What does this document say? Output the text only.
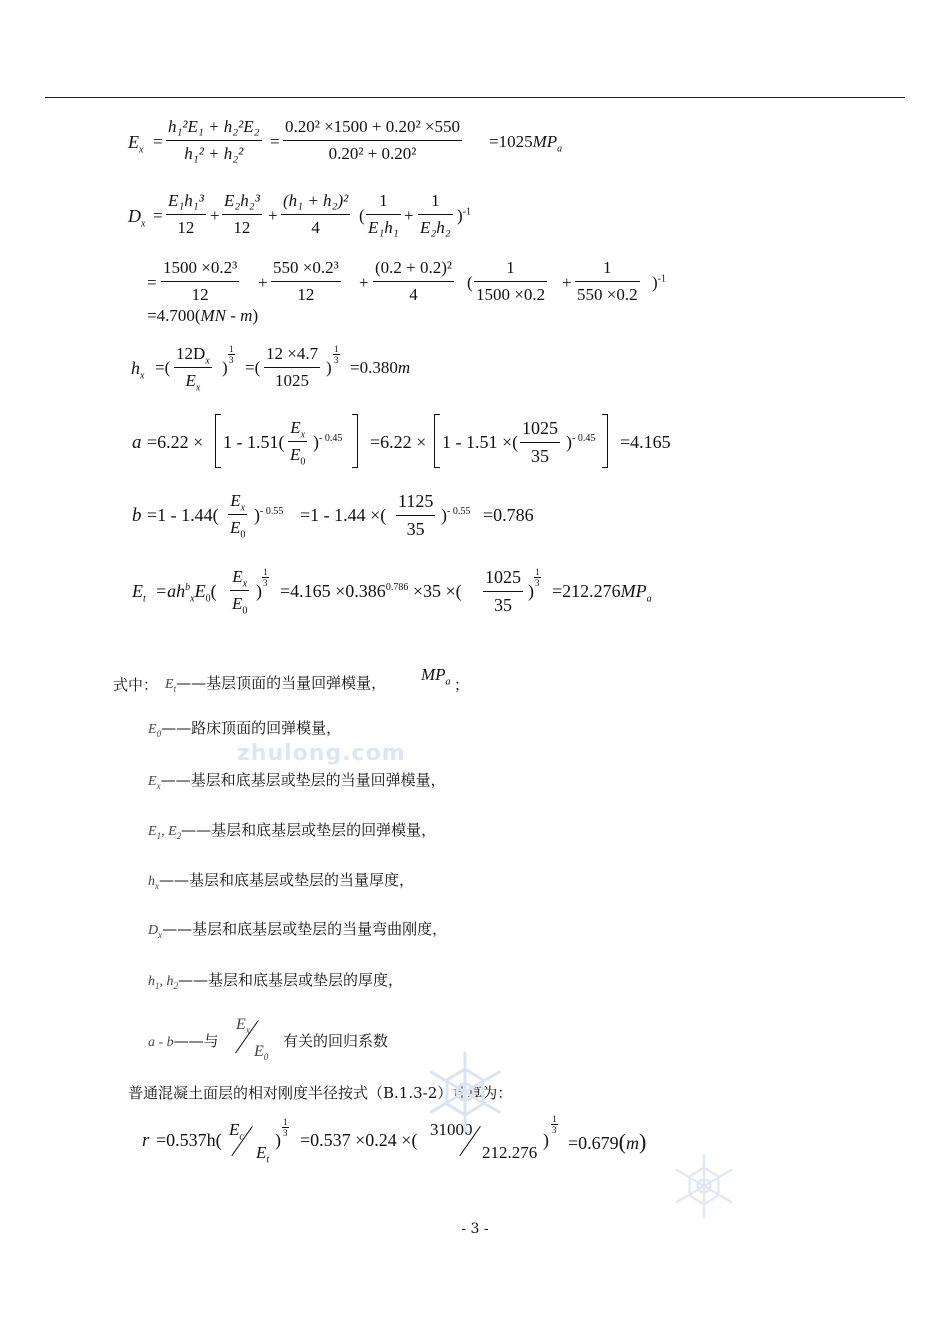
$E_x = \frac{\text{h₁²E₁ + h₂²E₂}}{\text{h₁² + h₂²}} = \frac{\text{0.20² ×1500 + 0.20² ×550}}{\text{0.20² + 0.20²}} =1025MP_a$
$D_x = \frac{\text{E₁h₁³}}{12} + \frac{\text{E₂h₂³}}{12} + \frac{\text{(h₁ + h₂)²}}{4}$ ( $\frac{1}{\text{E₁h₁}} + \frac{1}{\text{E₂h₂}} )^{-1}$
= $\frac{\text{1500 ×0.2³}}{12} + \frac{\text{550 ×0.2³}}{12} + \frac{\text{(0.2 + 0.2)²}}{4}$ ( $\frac{1}{1500 \times 0.2} + \frac{1}{550 \times 0.2} )^{-1}$
=4.700(MN - m)
$h_x$ =( $\frac{12D_x}{E_x}$ )
$\frac{1}{3}$
=( $\frac{12 \times 4.7}{1025}$ )
$\frac{1}{3}$
=0.380m
$a =6.22 \times 1 - 1.51( \frac{E_x}{E_0} )^{- 0.45} =6.22 \times 1 - 1.51$ ×( $\frac{1025}{35} )^{- 0.45} =4.165$
$b =1 - 1.44( \frac{E_x}{E_0} )^{- 0.55} =1 - 1.44$ ×( $\frac{1125}{35} )^{- 0.55} =0.786$
$E_t =ah^b_xE_0( \frac{E_x}{E_0}$ )
$\frac{1}{3}$
$=4.165 \times 0.386^{0.786} \times 35$ ×( $\frac{1025}{35}$ )
$\frac{1}{3}$
$=212.276MP_a$
式中： $E_t——$基层顶面的当量回弹模量， $MP_a$ ；
$E_0——$路床顶面的回弹模量，
$E_x——$基层和底基层或垫层的当量回弹模量，
$E_1$, $E_2——$基层和底基层或垫层的回弹模量，
$h_x——$基层和底基层或垫层的当量厚度，
$D_x——$基层和底基层或垫层的当量弯曲刚度，
$h_1$, $h_2——$基层和底基层或垫层的厚度，
a - b——与
$E_x$
$E_0$
有关的回归系数
普通混凝土面层的相对刚度半径按式（B.1.3-2）计算为：
r =0.537h(
$E_c$
$E_t$
)
$\frac{1}{3}$
=0.537 ×0.24 ×(
31000
212.276
)
$\frac{1}{3}$
=0.679(m)
zhulong.com
- 3 -
